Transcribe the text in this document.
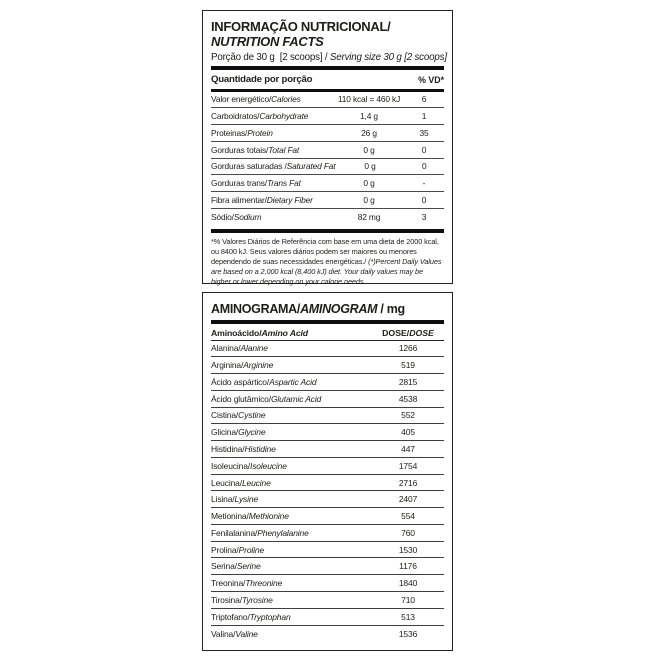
INFORMAÇÃO NUTRICIONAL/
NUTRITION FACTS

Porção de 30 g  [2 scoops] / Serving size 30 g [2 scoops]

Quantidade por porção	% VD*
Valor energético/Calories	110 kcal = 460 kJ	6
Carboidratos/Carbohydrate	1,4 g	1
Proteinas/Protein	26 g	35
Gorduras totais/Total Fat	0 g	0
Gorduras saturadas /Saturated Fat	0 g	0
Gorduras trans/Trans Fat	0 g	-
Fibra alimentar/Dietary Fiber	0 g	0
Sódio/Sodium	82 mg	3

*% Valores Diários de Referência com base em uma dieta de 2000 kcal, ou 8400 kJ. Seus valores diários podem ser maiores ou menores dependendo de suas necessidades energéticas./ (*)Percent Daily Values are based on a 2,000 kcal (8,400 kJ) diet. Your daily values may be higher or lower depending on your calorie needs.

AMINOGRAMA/AMINOGRAM / mg
Aminoácido/Amino Acid	DOSE/DOSE
Alanina/Alanine	1266
Arginina/Arginine	519
Ácido aspártico/Aspartic Acid	2815
Ácido glutâmico/Glutamic Acid	4538
Cistina/Cystine	552
Glicina/Glycine	405
Histidina/Histidine	447
Isoleucina/Isoleucine	1754
Leucina/Leucine	2716
Lisina/Lysine	2407
Metionina/Methionine	554
Fenilalanina/Phenylalanine	760
Prolina/Proline	1530
Serina/Serine	1176
Treonina/Threonine	1840
Tirosina/Tyrosine	710
Triptofano/Tryptophan	513
Valina/Valine	1536
